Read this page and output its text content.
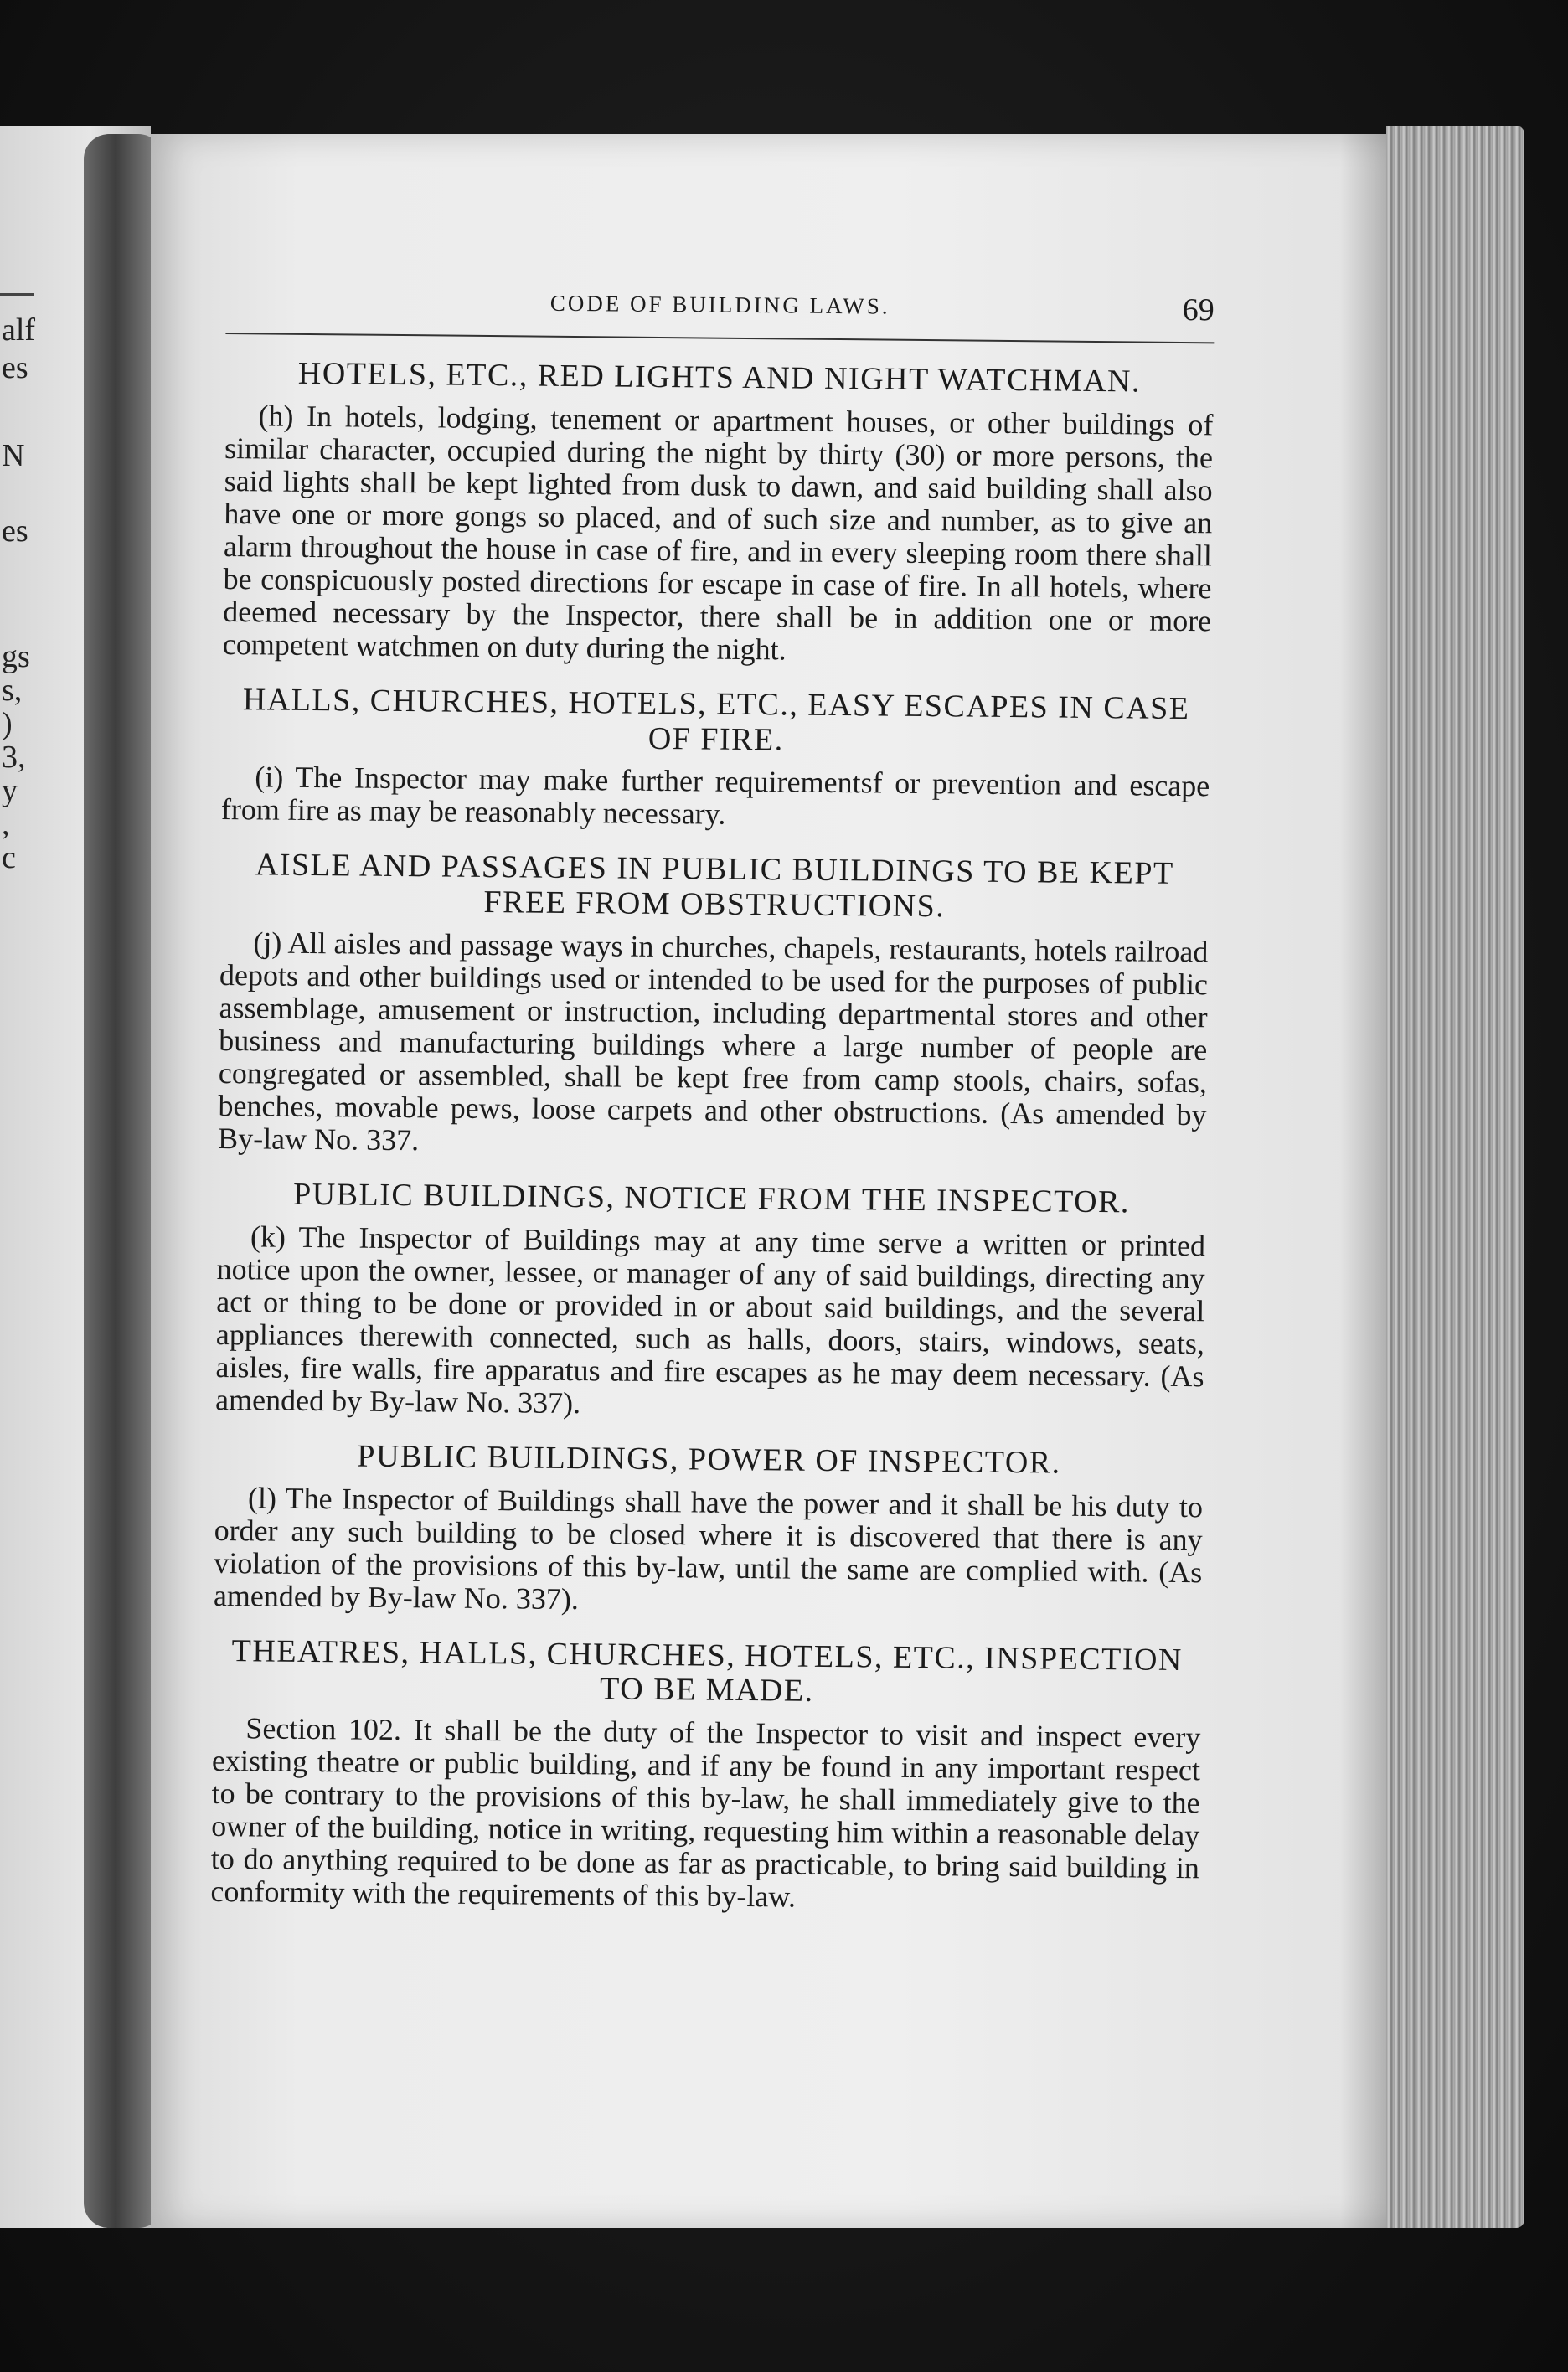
alf
es
N
es
gs
s,
)
3,
y
,
c
CODE OF BUILDING LAWS.	69
HOTELS, ETC., RED LIGHTS AND NIGHT WATCHMAN.

(h) In hotels, lodging, tenement or apartment houses, or other buildings of similar character, occupied during the night by thirty (30) or more persons, the said lights shall be kept lighted from dusk to dawn, and said building shall also have one or more gongs so placed, and of such size and number, as to give an alarm throughout the house in case of fire, and in every sleeping room there shall be conspicuously posted directions for escape in case of fire. In all hotels, where deemed necessary by the Inspector, there shall be in addition one or more competent watchmen on duty during the night.

HALLS, CHURCHES, HOTELS, ETC., EASY ESCAPES IN CASE OF FIRE.

(i) The Inspector may make further requirementsf or prevention and escape from fire as may be reasonably necessary.

AISLE AND PASSAGES IN PUBLIC BUILDINGS TO BE KEPT FREE FROM OBSTRUCTIONS.

(j) All aisles and passage ways in churches, chapels, restaurants, hotels railroad depots and other buildings used or intended to be used for the purposes of public assemblage, amusement or instruction, including departmental stores and other business and manufacturing buildings where a large number of people are congregated or assembled, shall be kept free from camp stools, chairs, sofas, benches, movable pews, loose carpets and other obstructions. (As amended by By-law No. 337.

PUBLIC BUILDINGS, NOTICE FROM THE INSPECTOR.

(k) The Inspector of Buildings may at any time serve a written or printed notice upon the owner, lessee, or manager of any of said buildings, directing any act or thing to be done or provided in or about said buildings, and the several appliances therewith connected, such as halls, doors, stairs, windows, seats, aisles, fire walls, fire apparatus and fire escapes as he may deem necessary. (As amended by By-law No. 337).

PUBLIC BUILDINGS, POWER OF INSPECTOR.

(l) The Inspector of Buildings shall have the power and it shall be his duty to order any such building to be closed where it is discovered that there is any violation of the provisions of this by-law, until the same are complied with. (As amended by By-law No. 337).

THEATRES, HALLS, CHURCHES, HOTELS, ETC., INSPECTION TO BE MADE.

Section 102. It shall be the duty of the Inspector to visit and inspect every existing theatre or public building, and if any be found in any important respect to be contrary to the provisions of this by-law, he shall immediately give to the owner of the building, notice in writing, requesting him within a reasonable delay to do anything required to be done as far as practicable, to bring said building in conformity with the requirements of this by-law.
